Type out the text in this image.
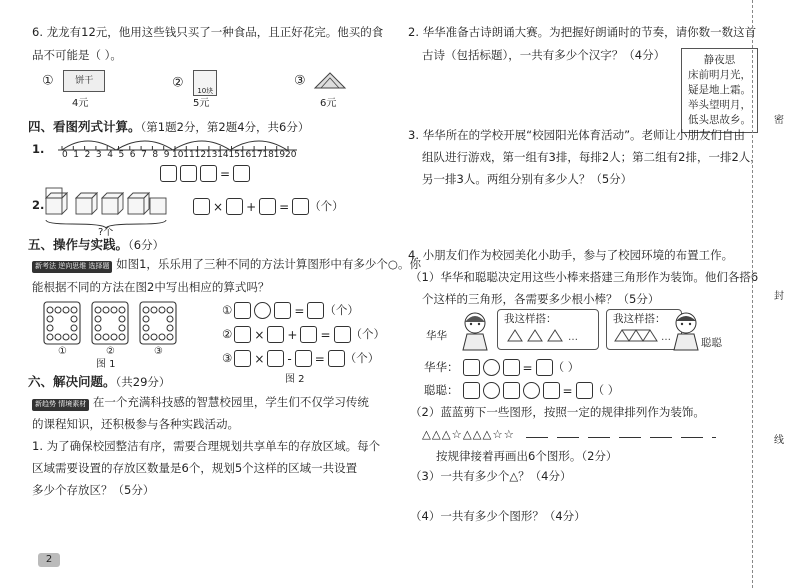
6. 龙龙有12元，他用这些钱只买了一种食品，且正好花完。他买的食
品不可能是（ ）。
① 饼干
4元
② 10块
5元
③
6元
四、看图列式计算。（第1题2分，第2题4分，共6分）
1. 0 1 2 3 4 5 6 7 8 9 10 11 12 13 14 15 16 17 18 19 20
=
2.
?个
× + = （个）
五、操作与实践。（6分）
新考法 逆向思维 选择题 如图1，乐乐用了三种不同的方法计算图形中有多少个○。你
能根据不同的方法在图2中写出相应的算式吗？
①	②	③
图 1
①	= （个）
② × + = （个）
③ × - = （个）
图 2
六、解决问题。（共29分）
新趋势 情境素材 在一个充满科技感的智慧校园里，学生们不仅学习传统
的课程知识，还积极参与各种实践活动。
1. 为了确保校园整洁有序，需要合理规划共享单车的存放区域。每个
区域需要设置的存放区数量是6个，规划5个这样的区域一共设置
多少个存放区？（5分）
2
2. 华华准备古诗朗诵大赛。为把握好朗诵时的节奏，请你数一数这首
古诗（包括标题），一共有多少个汉字？（4分）	静夜思
床前明月光，
疑是地上霜。
举头望明月，
低头思故乡。
3. 华华所在的学校开展“校园阳光体育活动”。老师让小朋友们自由
组队进行游戏，第一组有3排，每排2人；第二组有2排，一排2人，
另一排3人。两组分别有多少人？（5分）
4. 小朋友们作为校园美化小助手，参与了校园环境的布置工作。
（1）华华和聪聪决定用这些小棒来搭建三角形作为装饰。他们各搭6
个这样的三角形，各需要多少根小棒？（5分）
华华
我这样搭：
…
我这样搭：
…	聪聪
华华：	= （ ）
聪聪：	= （ ）
（2）蓝蓝剪下一些图形，按照一定的规律排列作为装饰。
△△△☆△△△☆☆
按规律接着再画出6个图形。（2分）
（3）一共有多少个△？（4分）
（4）一共有多少个图形？（4分）
密
封
线
